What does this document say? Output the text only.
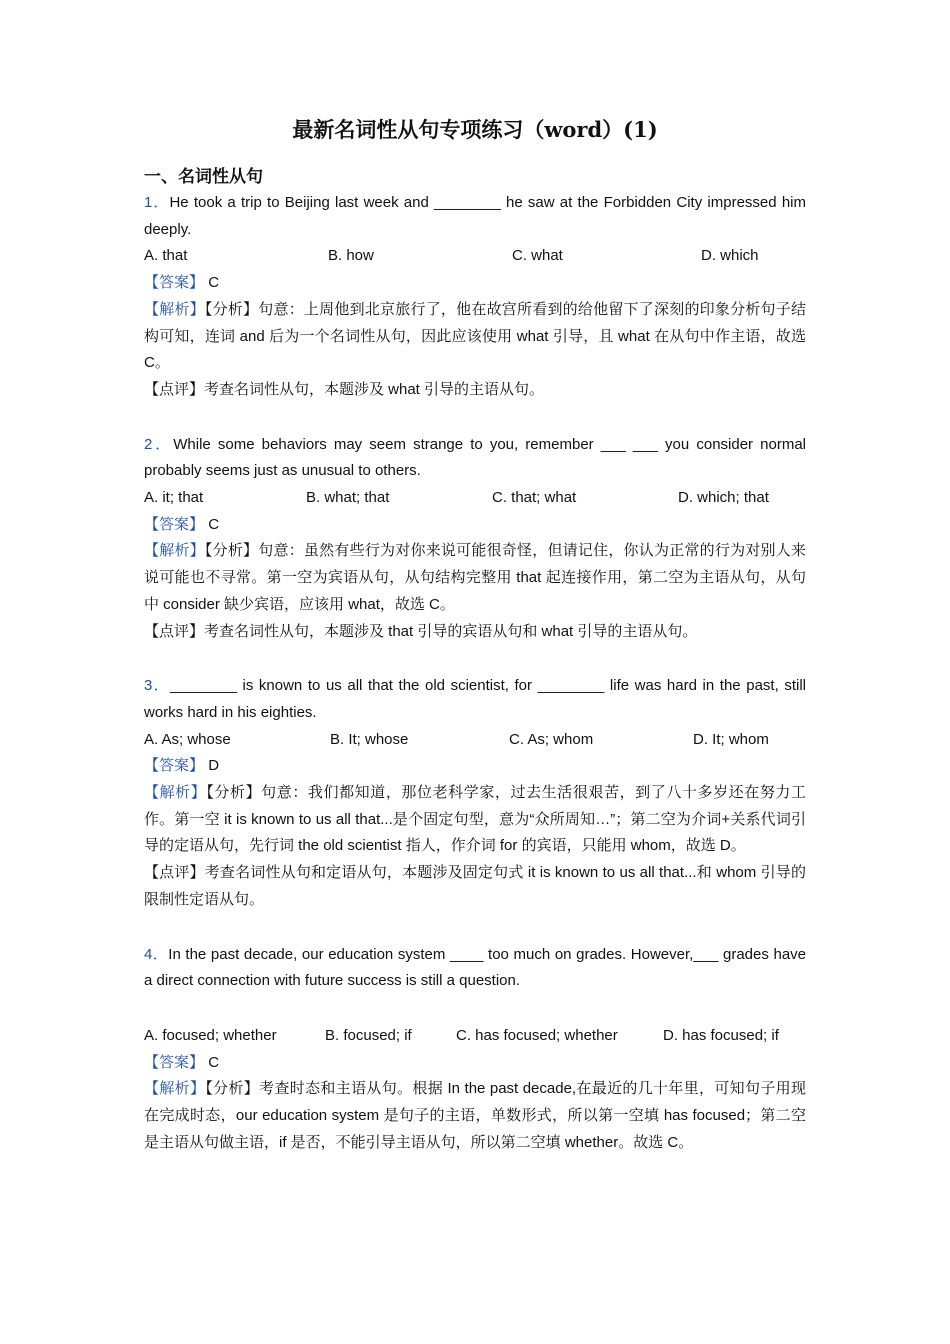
最新名词性从句专项练习（word）(1)

一、名词性从句

1．He took a trip to Beijing last week and ________ he saw at the Forbidden City impressed him deeply.

A. that	B. how	C. what	D. which

【答案】 C

【解析】【分析】句意：上周他到北京旅行了，他在故宫所看到的给他留下了深刻的印象分析句子结构可知，连词 and 后为一个名词性从句，因此应该使用 what 引导，且 what 在从句中作主语，故选 C。

【点评】考查名词性从句，本题涉及 what 引导的主语从句。

2．While some behaviors may seem strange to you, remember ___ ___ you consider normal probably seems just as unusual to others.

A. it; that	B. what; that	C. that; what	D. which; that

【答案】 C

【解析】【分析】句意：虽然有些行为对你来说可能很奇怪，但请记住，你认为正常的行为对别人来说可能也不寻常。第一空为宾语从句，从句结构完整用 that 起连接作用，第二空为主语从句，从句中 consider 缺少宾语，应该用 what，故选 C。

【点评】考查名词性从句，本题涉及 that 引导的宾语从句和 what 引导的主语从句。

3．________ is known to us all that the old scientist, for ________ life was hard in the past, still works hard in his eighties.

A. As; whose	B. It; whose	C. As; whom	D. It; whom

【答案】 D

【解析】【分析】句意：我们都知道，那位老科学家，过去生活很艰苦，到了八十多岁还在努力工作。第一空 it is known to us all that...是个固定句型，意为“众所周知…”；第二空为介词+关系代词引导的定语从句，先行词 the old scientist 指人，作介词 for 的宾语，只能用 whom，故选 D。

【点评】考查名词性从句和定语从句，本题涉及固定句式 it is known to us all that...和 whom 引导的限制性定语从句。

4．In the past decade, our education system ____ too much on grades. However,___ grades have a direct connection with future success is still a question.

A. focused; whether	B. focused; if	C. has focused; whether	D. has focused; if

【答案】 C

【解析】【分析】考查时态和主语从句。根据 In the past decade,在最近的几十年里，可知句子用现在完成时态，our education system 是句子的主语，单数形式，所以第一空填 has focused；第二空是主语从句做主语，if 是否，不能引导主语从句，所以第二空填 whether。故选 C。
